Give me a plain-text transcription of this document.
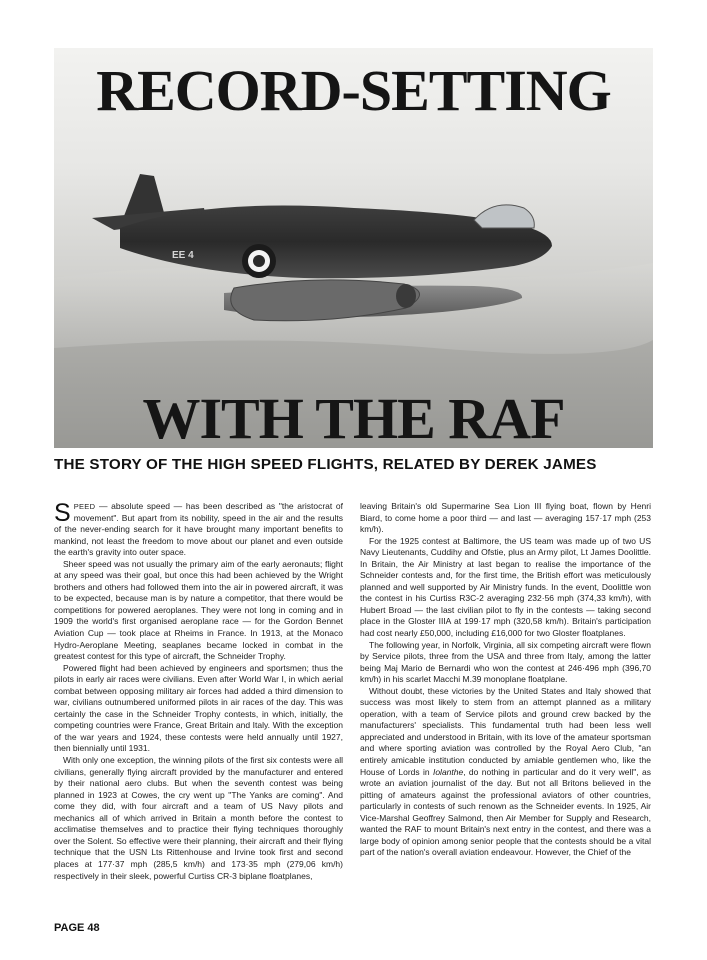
EE 4
RECORD-SETTING
WITH THE RAF
THE STORY OF THE HIGH SPEED FLIGHTS, RELATED BY DEREK JAMES

SPEED — absolute speed — has been described as "the aristocrat of movement". But apart from its nobility, speed in the air and the results of the never-ending search for it have brought many important benefits to mankind, not least the freedom to move about our planet and even outside the earth's gravity into outer space.

Sheer speed was not usually the primary aim of the early aeronauts; flight at any speed was their goal, but once this had been achieved by the Wright brothers and others had followed them into the air in powered aircraft, it was to be expected, because man is by nature a competitor, that there would be competitions for powered aeroplanes. They were not long in coming and in 1909 the world's first organised aeroplane race — for the Gordon Bennet Aviation Cup — took place at Rheims in France. In 1913, at the Monaco Hydro-Aeroplane Meeting, seaplanes became locked in combat in the greatest contest for this type of aircraft, the Schneider Trophy.

Powered flight had been achieved by engineers and sportsmen; thus the pilots in early air races were civilians. Even after World War I, in which aerial combat between opposing military air forces had added a third dimension to war, civilians outnumbered uniformed pilots in air races of the day. This was certainly the case in the Schneider Trophy contests, in which, initially, the competing countries were France, Great Britain and Italy. With the exception of the war years and 1924, these contests were held annually until 1927, then biennially until 1931.

With only one exception, the winning pilots of the first six contests were all civilians, generally flying aircraft provided by the manufacturer and entered by their national aero clubs. But when the seventh contest was being planned in 1923 at Cowes, the cry went up "The Yanks are coming". And come they did, with four aircraft and a team of US Navy pilots and mechanics all of which arrived in Britain a month before the contest to acclimatise themselves and to practice their flying techniques thoroughly over the Solent. So effective were their planning, their aircraft and their flying technique that the USN Lts Rittenhouse and Irvine took first and second places at 177·37 mph (285,5 km/h) and 173·35 mph (279,06 km/h) respectively in their sleek, powerful Curtiss CR-3 biplane floatplanes,

leaving Britain's old Supermarine Sea Lion III flying boat, flown by Henri Biard, to come home a poor third — and last — averaging 157·17 mph (253 km/h).

For the 1925 contest at Baltimore, the US team was made up of two US Navy Lieutenants, Cuddihy and Ofstie, plus an Army pilot, Lt James Doolittle. In Britain, the Air Ministry at last began to realise the importance of the Schneider contests and, for the first time, the British effort was meticulously planned and well supported by Air Ministry funds. In the event, Doolittle won the contest in his Curtiss R3C-2 averaging 232·56 mph (374,33 km/h), with Hubert Broad — the last civilian pilot to fly in the contests — taking second place in the Gloster IIIA at 199·17 mph (320,58 km/h). Britain's participation had cost nearly £50,000, including £16,000 for two Gloster floatplanes.

The following year, in Norfolk, Virginia, all six competing aircraft were flown by Service pilots, three from the USA and three from Italy, among the latter being Maj Mario de Bernardi who won the contest at 246·496 mph (396,70 km/h) in his scarlet Macchi M.39 monoplane floatplane.

Without doubt, these victories by the United States and Italy showed that success was most likely to stem from an attempt planned as a military operation, with a team of Service pilots and ground crew backed by the manufacturers' specialists. This fundamental truth had been less well appreciated and understood in Britain, with its love of the amateur sportsman and where sporting aviation was controlled by the Royal Aero Club, "an entirely amicable institution conducted by amiable gentlemen who, like the House of Lords in Iolanthe, do nothing in particular and do it very well", as wrote an aviation journalist of the day. But not all Britons believed in the pitting of amateurs against the professional aviators of other countries, particularly in contests of such renown as the Schneider events. In 1925, Air Vice-Marshal Geoffrey Salmond, then Air Member for Supply and Research, wanted the RAF to mount Britain's next entry in the contest, and there was a large body of opinion among senior people that the contests should be a vital part of the nation's overall aviation endeavour. However, the Chief of the

PAGE 48
